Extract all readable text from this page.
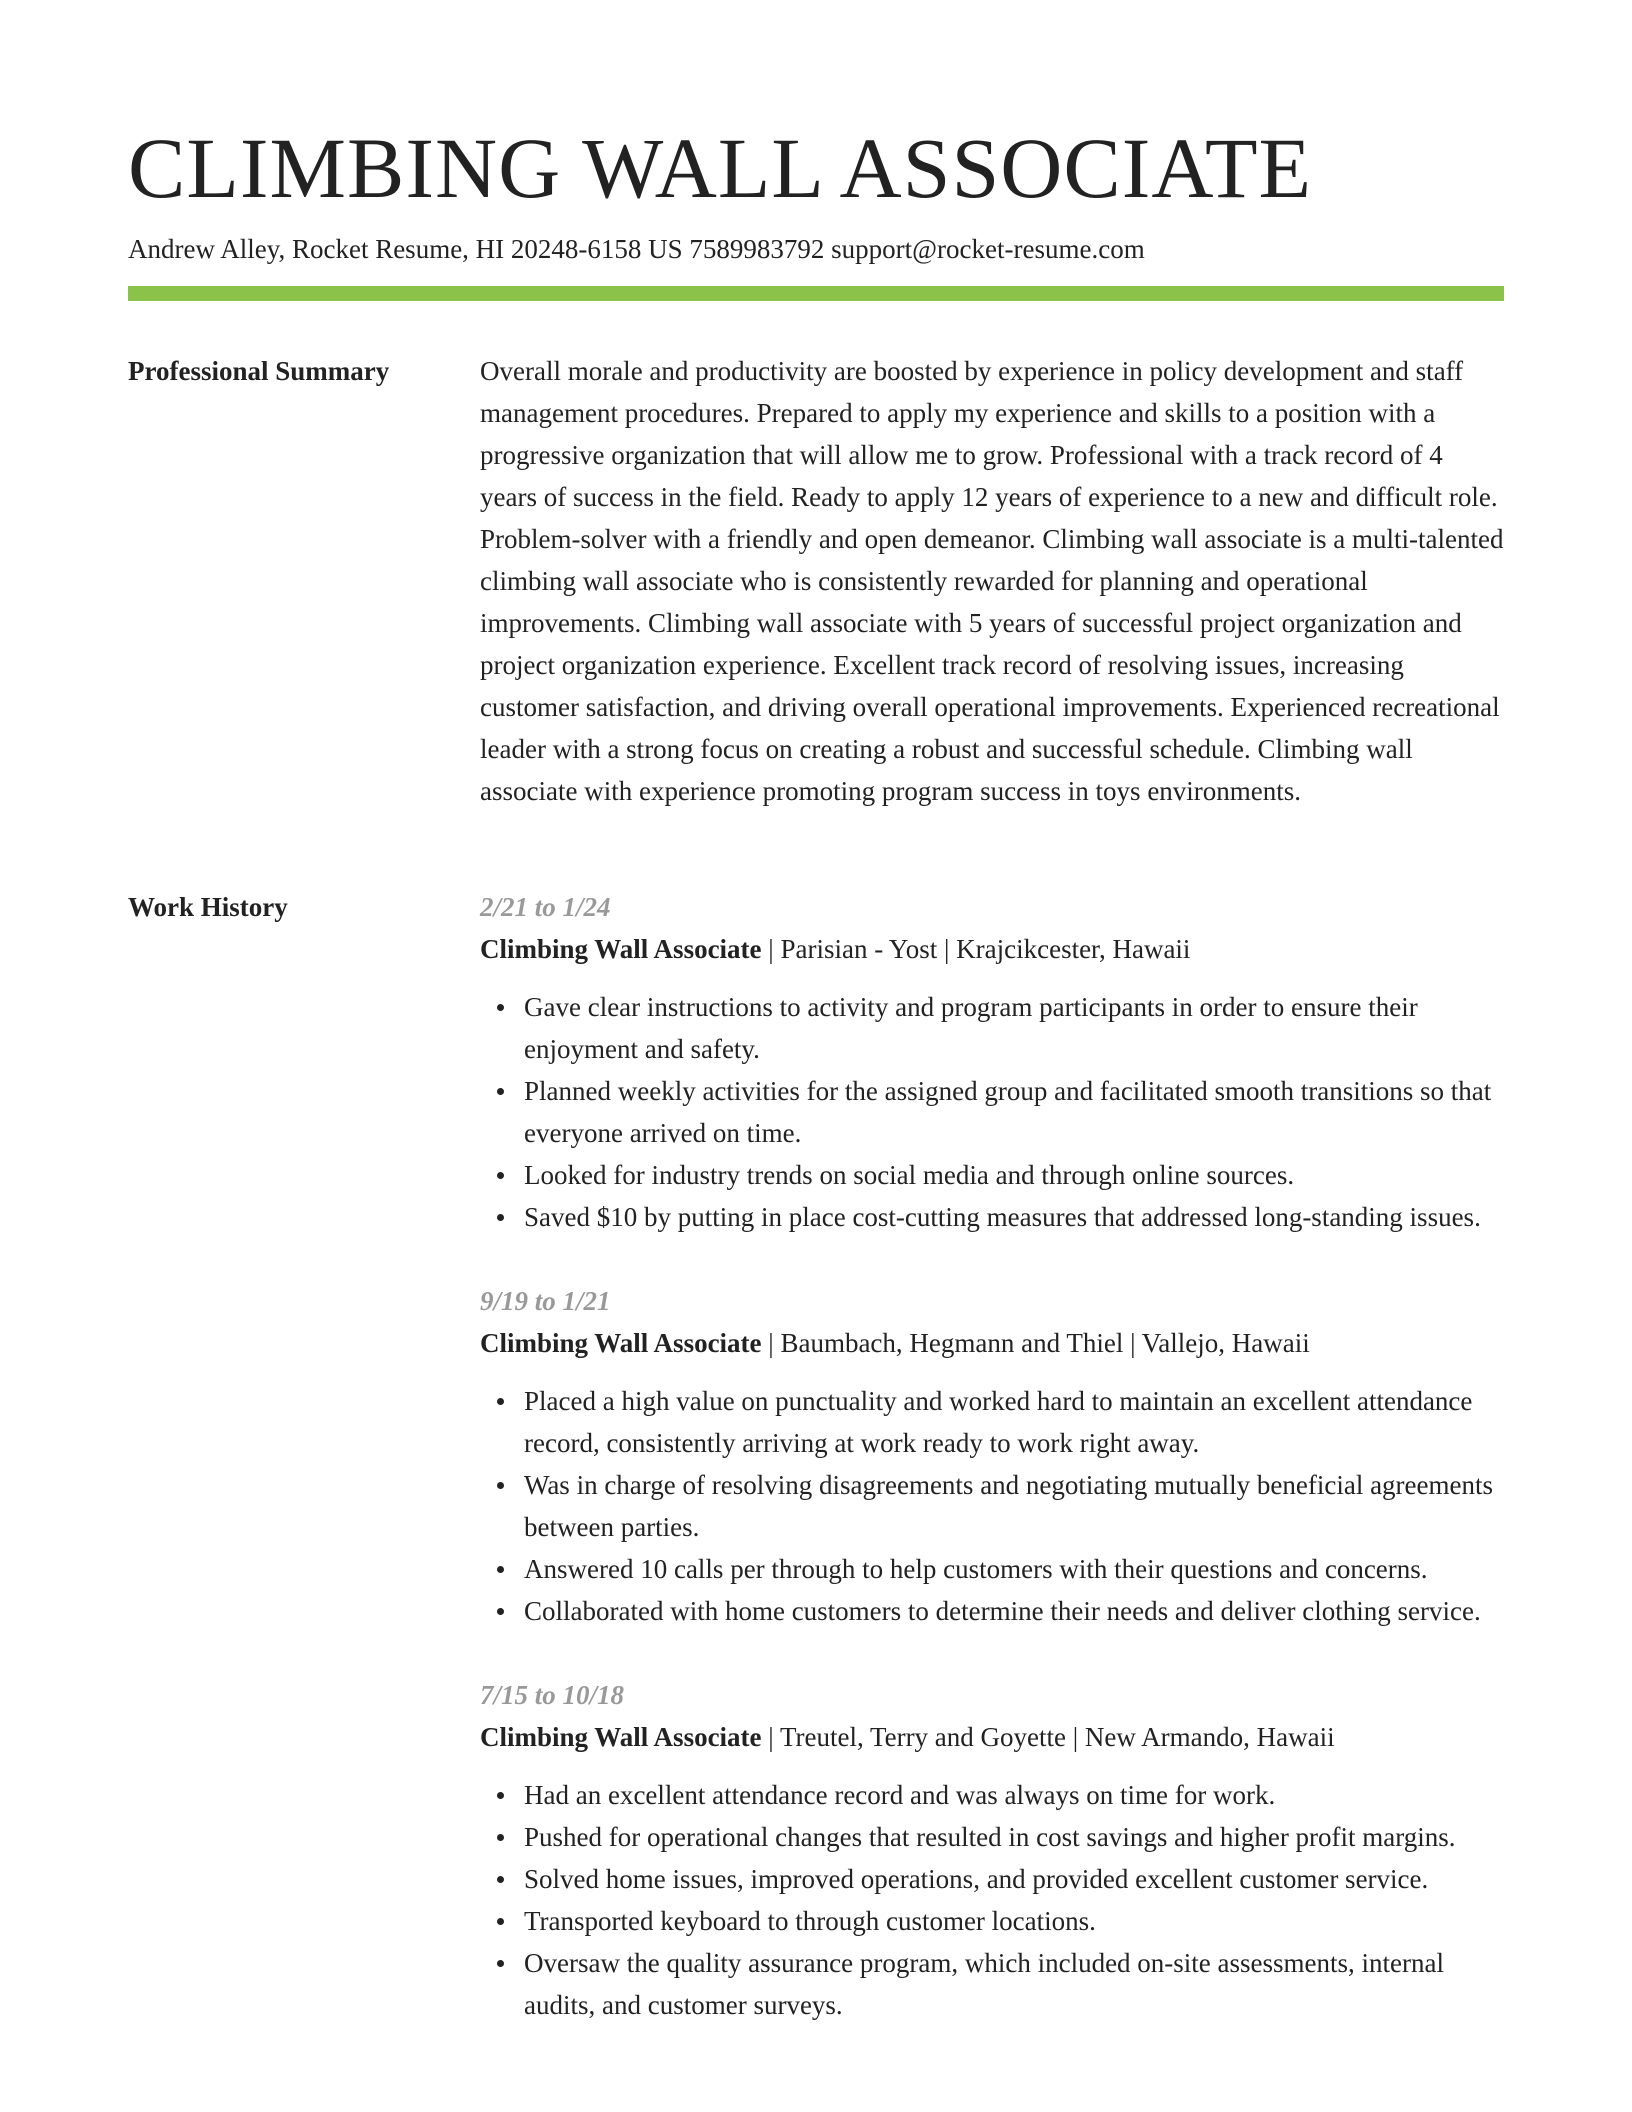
CLIMBING WALL ASSOCIATE
Andrew Alley, Rocket Resume, HI 20248-6158 US 7589983792 support@rocket-resume.com
Professional Summary	Overall morale and productivity are boosted by experience in policy development and staff management procedures. Prepared to apply my experience and skills to a position with a progressive organization that will allow me to grow. Professional with a track record of 4 years of success in the field. Ready to apply 12 years of experience to a new and difficult role. Problem-solver with a friendly and open demeanor. Climbing wall associate is a multi-talented climbing wall associate who is consistently rewarded for planning and operational improvements. Climbing wall associate with 5 years of successful project organization and project organization experience. Excellent track record of resolving issues, increasing customer satisfaction, and driving overall operational improvements. Experienced recreational leader with a strong focus on creating a robust and successful schedule. Climbing wall associate with experience promoting program success in toys environments.

Work History	2/21 to 1/24
Climbing Wall Associate | Parisian - Yost | Krajcikcester, Hawaii
Gave clear instructions to activity and program participants in order to ensure their enjoyment and safety.
Planned weekly activities for the assigned group and facilitated smooth transitions so that everyone arrived on time.
Looked for industry trends on social media and through online sources.
Saved $10 by putting in place cost-cutting measures that addressed long-standing issues.
9/19 to 1/21
Climbing Wall Associate | Baumbach, Hegmann and Thiel | Vallejo, Hawaii
Placed a high value on punctuality and worked hard to maintain an excellent attendance record, consistently arriving at work ready to work right away.
Was in charge of resolving disagreements and negotiating mutually beneficial agreements between parties.
Answered 10 calls per through to help customers with their questions and concerns.
Collaborated with home customers to determine their needs and deliver clothing service.
7/15 to 10/18
Climbing Wall Associate | Treutel, Terry and Goyette | New Armando, Hawaii
Had an excellent attendance record and was always on time for work.
Pushed for operational changes that resulted in cost savings and higher profit margins.
Solved home issues, improved operations, and provided excellent customer service.
Transported keyboard to through customer locations.
Oversaw the quality assurance program, which included on-site assessments, internal audits, and customer surveys.
